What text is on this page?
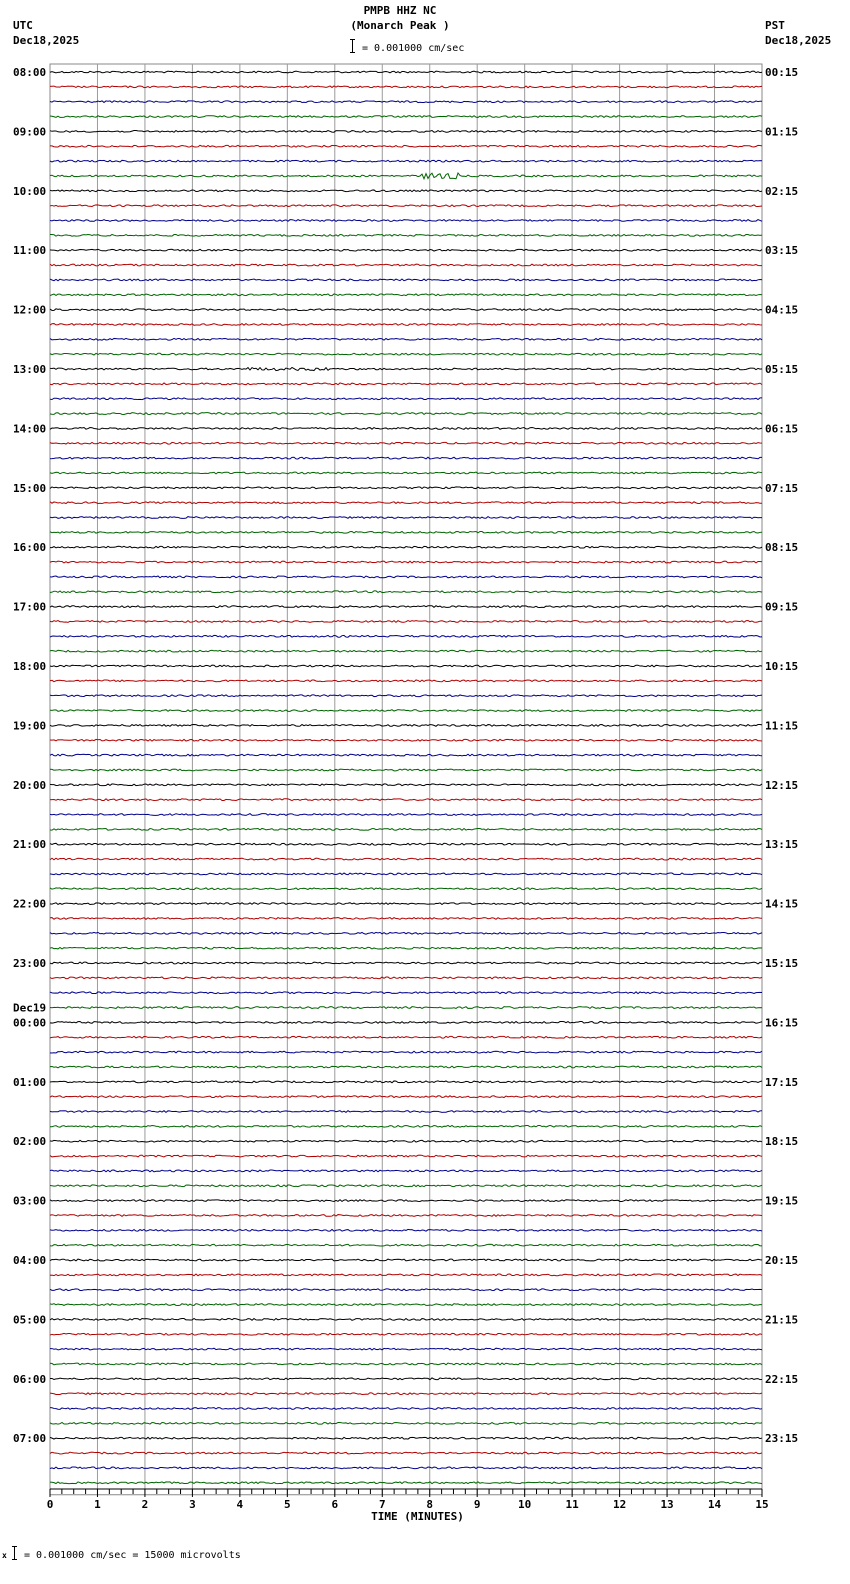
PMPB HHZ NC
(Monarch Peak )
= 0.001000 cm/sec
UTC
Dec18,2025
PST
Dec18,2025
08:00
09:00
10:00
11:00
12:00
13:00
14:00
15:00
16:00
17:00
18:00
19:00
20:00
21:00
22:00
23:00
00:00
Dec19
01:00
02:00
03:00
04:00
05:00
06:00
07:00
00:15
01:15
02:15
03:15
04:15
05:15
06:15
07:15
08:15
09:15
10:15
11:15
12:15
13:15
14:15
15:15
16:15
17:15
18:15
19:15
20:15
21:15
22:15
23:15
0	1	2	3	4	5	6	7	8	9	10	11	12	13	14	15
TIME (MINUTES)
x = 0.001000 cm/sec = 15000 microvolts
